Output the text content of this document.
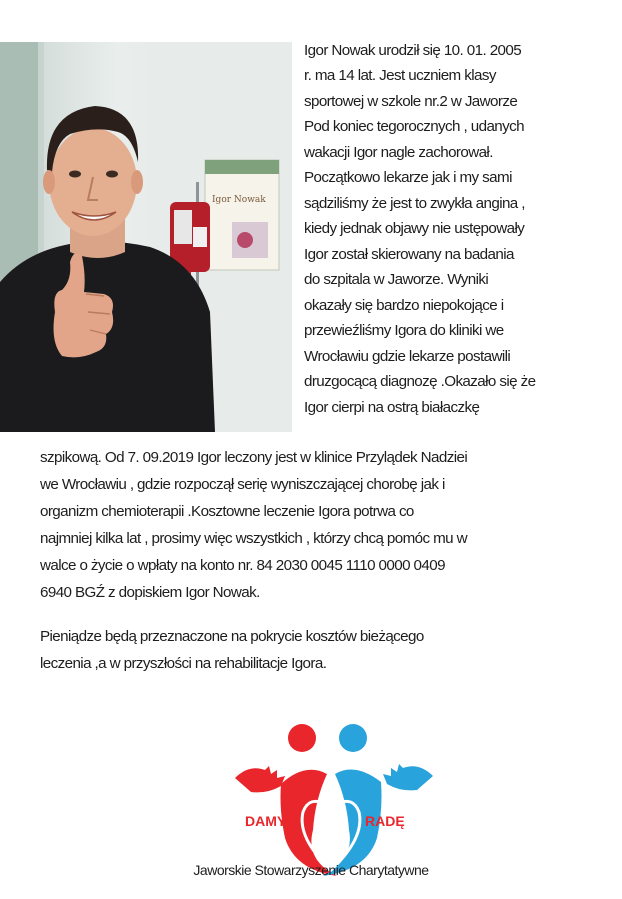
Igor Nowak
Igor Nowak urodził się 10. 01. 2005
r. ma 14 lat. Jest uczniem klasy
sportowej w szkole nr.2 w Jaworze
Pod koniec tegorocznych , udanych
wakacji Igor nagle zachorował.
Początkowo lekarze jak i my sami
sądziliśmy że jest to zwykła angina ,
kiedy jednak objawy nie ustępowały
Igor został skierowany na badania
do szpitala w Jaworze. Wyniki
okazały się bardzo niepokojące i
przewieźliśmy Igora do kliniki we
Wrocławiu gdzie lekarze postawili
druzgocącą diagnozę .Okazało się że
Igor cierpi na ostrą białaczkę
szpikową. Od 7. 09.2019 Igor leczony jest w klinice Przylądek Nadziei
we Wrocławiu , gdzie rozpoczął serię wyniszczającej chorobę jak i
organizm chemioterapii .Kosztowne leczenie Igora potrwa co
najmniej kilka lat , prosimy więc wszystkich , którzy chcą pomóc mu w
walce o życie o wpłaty na konto nr. 84 2030 0045 1110 0000 0409
6940 BGŹ z dopiskiem Igor Nowak.
Pieniądze będą przeznaczone na pokrycie kosztów bieżącego
leczenia ,a w przyszłości na rehabilitacje Igora.
DAMY	RADĘ
Jaworskie Stowarzyszenie Charytatywne
